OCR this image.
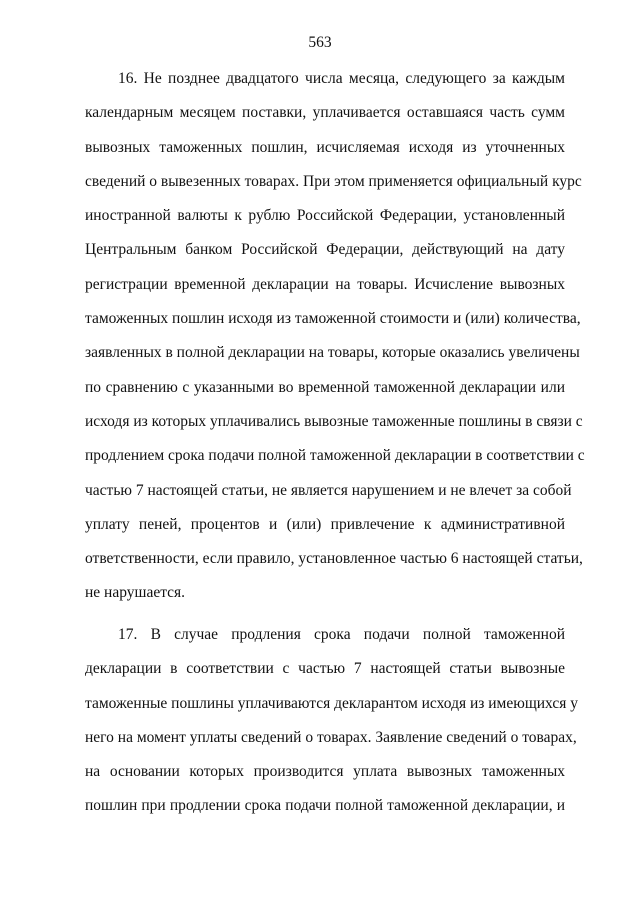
563
16. Не позднее двадцатого числа месяца, следующего за каждым
календарным месяцем поставки, уплачивается оставшаяся часть сумм
вывозных таможенных пошлин, исчисляемая исходя из уточненных
сведений о вывезенных товарах. При этом применяется официальный курс
иностранной валюты к рублю Российской Федерации, установленный
Центральным банком Российской Федерации, действующий на дату
регистрации временной декларации на товары. Исчисление вывозных
таможенных пошлин исходя из таможенной стоимости и (или) количества,
заявленных в полной декларации на товары, которые оказались увеличены
по сравнению с указанными во временной таможенной декларации или
исходя из которых уплачивались вывозные таможенные пошлины в связи с
продлением срока подачи полной таможенной декларации в соответствии с
частью 7 настоящей статьи, не является нарушением и не влечет за собой
уплату пеней, процентов и (или) привлечение к административной
ответственности, если правило, установленное частью 6 настоящей статьи,
не нарушается.
17. В случае продления срока подачи полной таможенной
декларации в соответствии с частью 7 настоящей статьи вывозные
таможенные пошлины уплачиваются декларантом исходя из имеющихся у
него на момент уплаты сведений о товарах. Заявление сведений о товарах,
на основании которых производится уплата вывозных таможенных
пошлин при продлении срока подачи полной таможенной декларации, и
